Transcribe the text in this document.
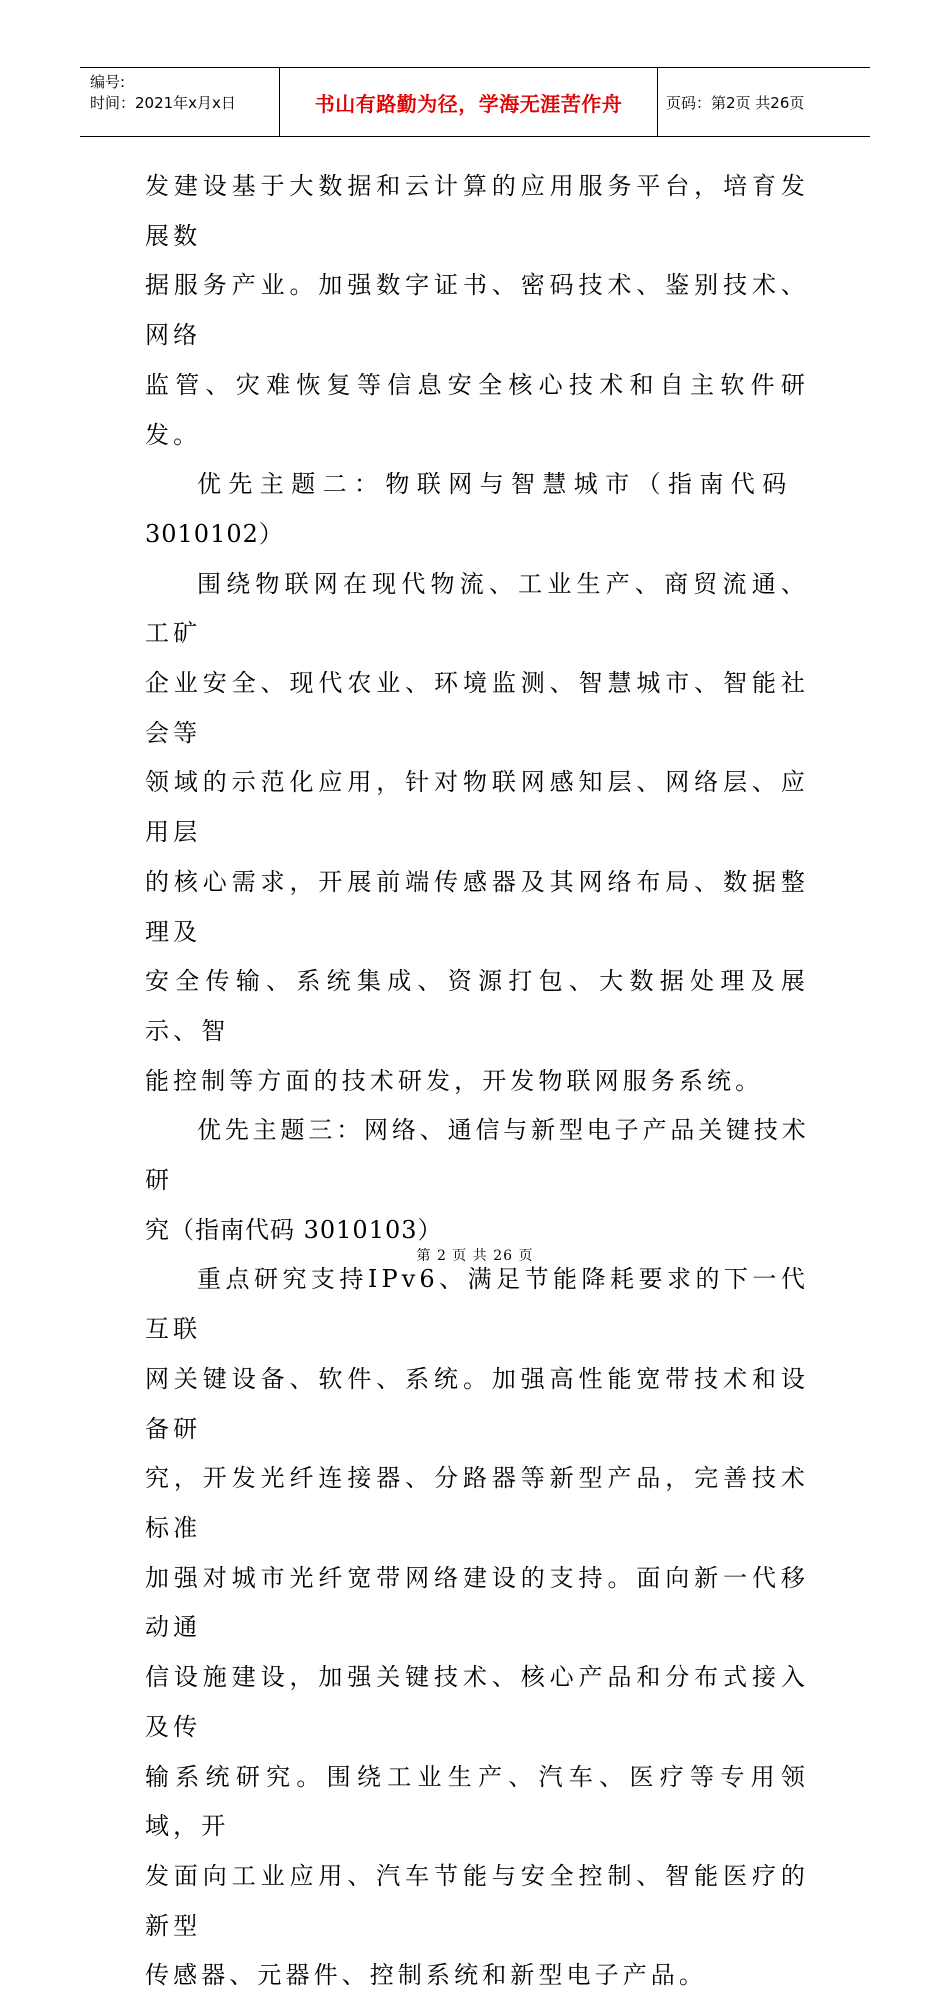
编号:
时间：2021年x月x日	书山有路勤为径，学海无涯苦作舟	页码：第2页 共26页

发建设基于大数据和云计算的应用服务平台，培育发展数

据服务产业。加强数字证书、密码技术、鉴别技术、网络

监管、灾难恢复等信息安全核心技术和自主软件研发。

优先主题二：物联网与智慧城市（指南代码

3010102）

围绕物联网在现代物流、工业生产、商贸流通、工矿

企业安全、现代农业、环境监测、智慧城市、智能社会等

领域的示范化应用，针对物联网感知层、网络层、应用层

的核心需求，开展前端传感器及其网络布局、数据整理及

安全传输、系统集成、资源打包、大数据处理及展示、智

能控制等方面的技术研发，开发物联网服务系统。

优先主题三：网络、通信与新型电子产品关键技术研

究（指南代码 3010103）

重点研究支持IPv6、满足节能降耗要求的下一代互联

网关键设备、软件、系统。加强高性能宽带技术和设备研

究，开发光纤连接器、分路器等新型产品，完善技术标准

加强对城市光纤宽带网络建设的支持。面向新一代移动通

信设施建设，加强关键技术、核心产品和分布式接入及传

输系统研究。围绕工业生产、汽车、医疗等专用领域，开

发面向工业应用、汽车节能与安全控制、智能医疗的新型

传感器、元器件、控制系统和新型电子产品。

第 2 页 共 26 页
